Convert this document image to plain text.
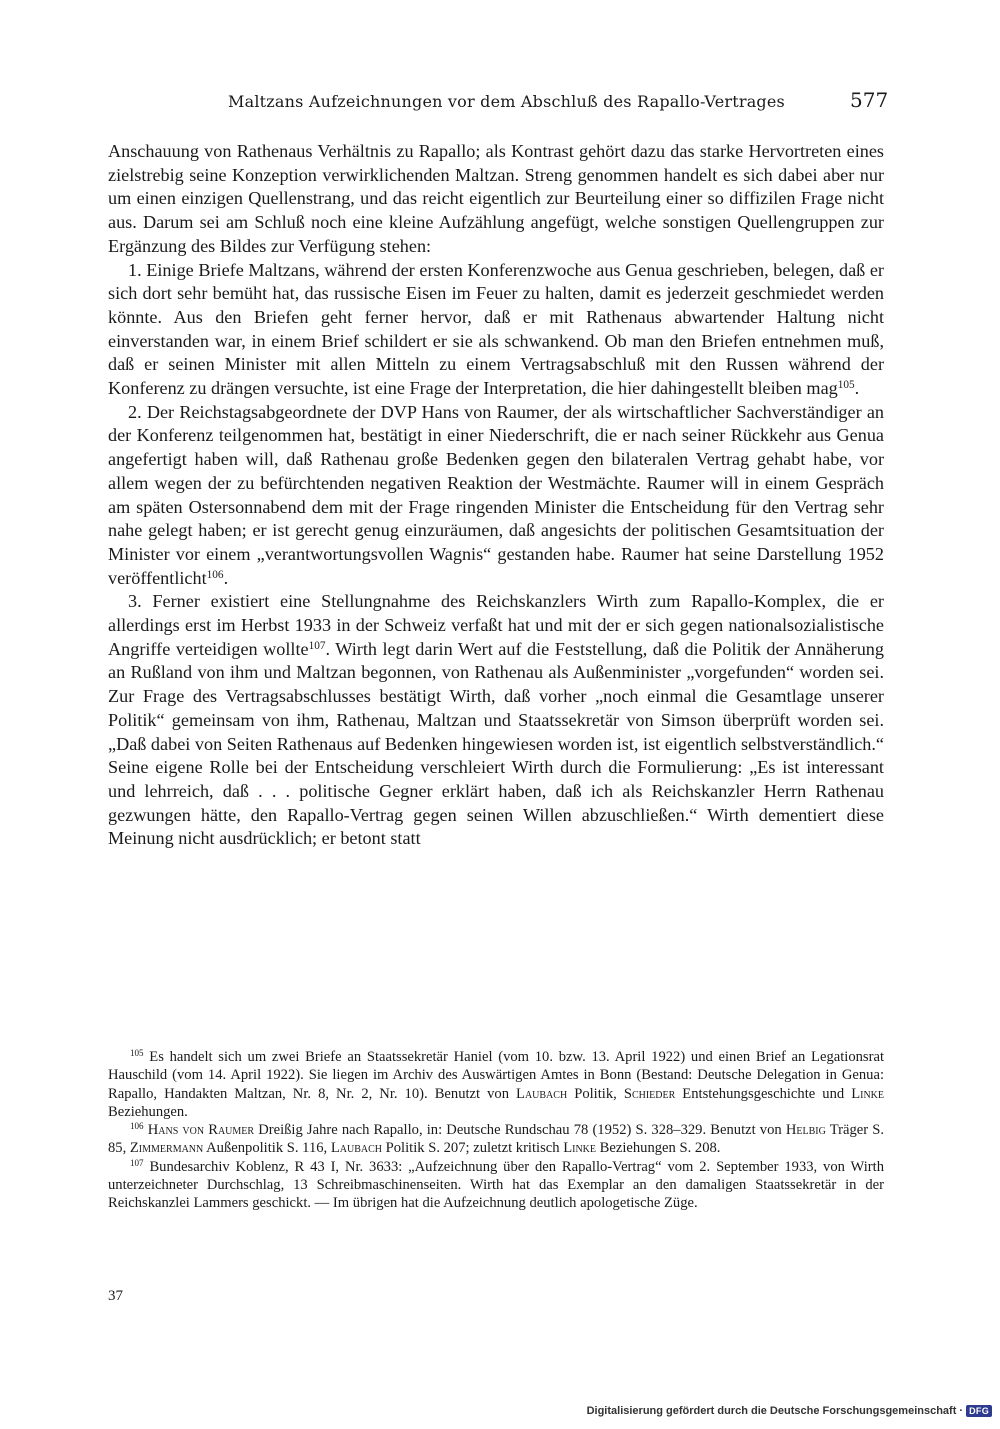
Maltzans Aufzeichnungen vor dem Abschluß des Rapallo-Vertrages	577

Anschauung von Rathenaus Verhältnis zu Rapallo; als Kontrast gehört dazu das starke Hervortreten eines zielstrebig seine Konzeption verwirklichenden Maltzan. Streng genommen handelt es sich dabei aber nur um einen einzigen Quellenstrang, und das reicht eigentlich zur Beurteilung einer so diffizilen Frage nicht aus. Darum sei am Schluß noch eine kleine Aufzählung angefügt, welche sonstigen Quellengruppen zur Ergänzung des Bildes zur Verfügung stehen:

1. Einige Briefe Maltzans, während der ersten Konferenzwoche aus Genua geschrieben, belegen, daß er sich dort sehr bemüht hat, das russische Eisen im Feuer zu halten, damit es jederzeit geschmiedet werden könnte. Aus den Briefen geht ferner hervor, daß er mit Rathenaus abwartender Haltung nicht einverstanden war, in einem Brief schildert er sie als schwankend. Ob man den Briefen entnehmen muß, daß er seinen Minister mit allen Mitteln zu einem Vertragsabschluß mit den Russen während der Konferenz zu drängen versuchte, ist eine Frage der Interpretation, die hier dahingestellt bleiben mag$^{105}$.

2. Der Reichstagsabgeordnete der DVP Hans von Raumer, der als wirtschaftlicher Sachverständiger an der Konferenz teilgenommen hat, bestätigt in einer Niederschrift, die er nach seiner Rückkehr aus Genua angefertigt haben will, daß Rathenau große Bedenken gegen den bilateralen Vertrag gehabt habe, vor allem wegen der zu befürchtenden negativen Reaktion der Westmächte. Raumer will in einem Gespräch am späten Ostersonnabend dem mit der Frage ringenden Minister die Entscheidung für den Vertrag sehr nahe gelegt haben; er ist gerecht genug einzuräumen, daß angesichts der politischen Gesamtsituation der Minister vor einem „verantwortungsvollen Wagnis“ gestanden habe. Raumer hat seine Darstellung 1952 veröffentlicht$^{106}$.

3. Ferner existiert eine Stellungnahme des Reichskanzlers Wirth zum Rapallo-Komplex, die er allerdings erst im Herbst 1933 in der Schweiz verfaßt hat und mit der er sich gegen nationalsozialistische Angriffe verteidigen wollte$^{107}$. Wirth legt darin Wert auf die Feststellung, daß die Politik der Annäherung an Rußland von ihm und Maltzan begonnen, von Rathenau als Außenminister „vorgefunden“ worden sei. Zur Frage des Vertragsabschlusses bestätigt Wirth, daß vorher „noch einmal die Gesamtlage unserer Politik“ gemeinsam von ihm, Rathenau, Maltzan und Staatssekretär von Simson überprüft worden sei. „Daß dabei von Seiten Rathenaus auf Bedenken hingewiesen worden ist, ist eigentlich selbstverständlich.“ Seine eigene Rolle bei der Entscheidung verschleiert Wirth durch die Formulierung: „Es ist interessant und lehrreich, daß . . . politische Gegner erklärt haben, daß ich als Reichskanzler Herrn Rathenau gezwungen hätte, den Rapallo-Vertrag gegen seinen Willen abzuschließen.“ Wirth dementiert diese Meinung nicht ausdrücklich; er betont statt

$^{105}$ Es handelt sich um zwei Briefe an Staatssekretär Haniel (vom 10. bzw. 13. April 1922) und einen Brief an Legationsrat Hauschild (vom 14. April 1922). Sie liegen im Archiv des Auswärtigen Amtes in Bonn (Bestand: Deutsche Delegation in Genua: Rapallo, Handakten Maltzan, Nr. 8, Nr. 2, Nr. 10). Benutzt von Laubach Politik, Schieder Entstehungsgeschichte und Linke Beziehungen.

$^{106}$ Hans von Raumer Dreißig Jahre nach Rapallo, in: Deutsche Rundschau 78 (1952) S. 328–329. Benutzt von Helbig Träger S. 85, Zimmermann Außenpolitik S. 116, Laubach Politik S. 207; zuletzt kritisch Linke Beziehungen S. 208.

$^{107}$ Bundesarchiv Koblenz, R 43 I, Nr. 3633: „Aufzeichnung über den Rapallo-Vertrag“ vom 2. September 1933, von Wirth unterzeichneter Durchschlag, 13 Schreibmaschinenseiten. Wirth hat das Exemplar an den damaligen Staatssekretär in der Reichskanzlei Lammers geschickt. — Im übrigen hat die Aufzeichnung deutlich apologetische Züge.

37
Digitalisierung gefördert durch die Deutsche Forschungsgemeinschaft · DFG
